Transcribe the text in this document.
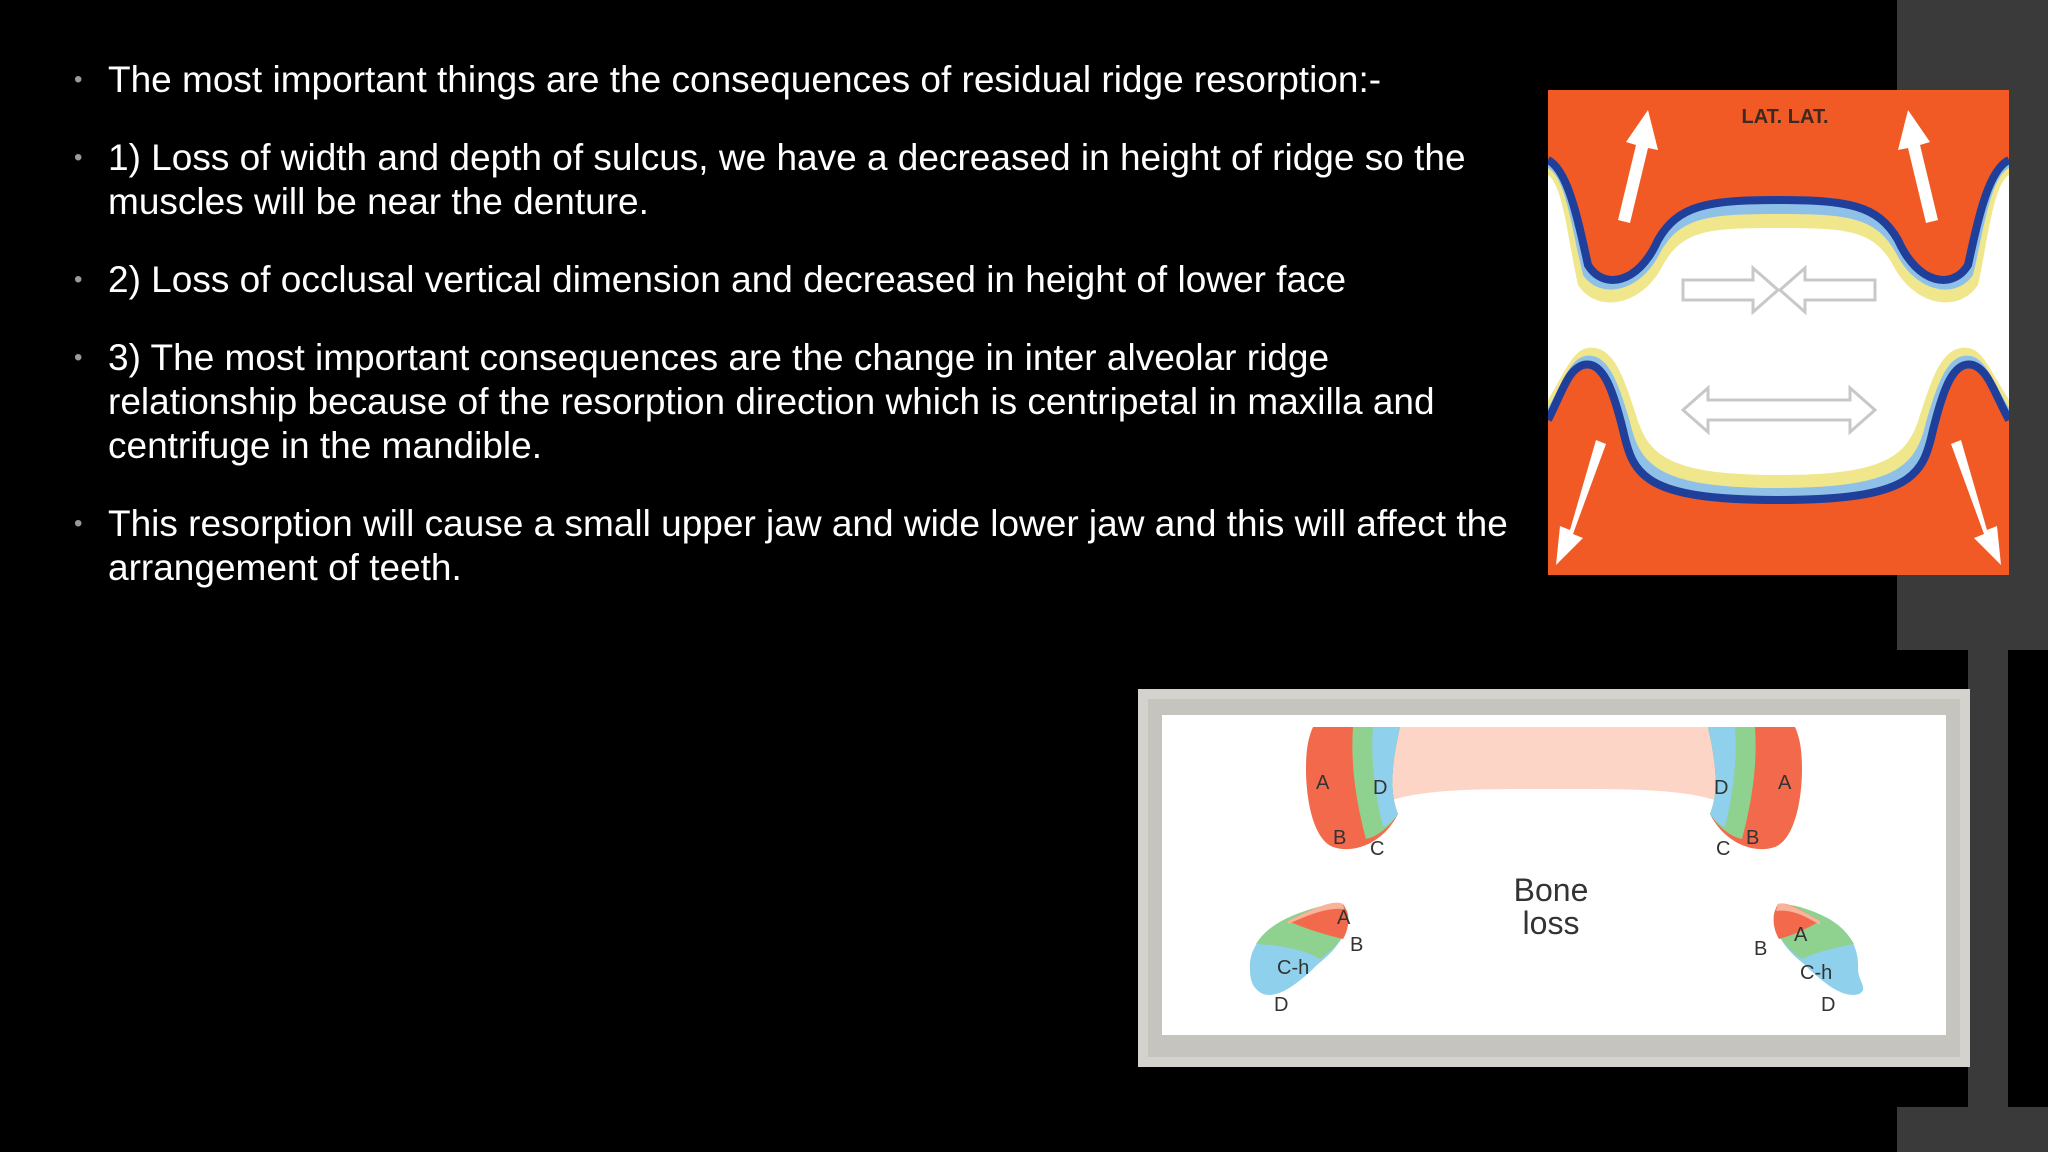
• The most important things are the consequences of residual ridge resorption:-
• 1) Loss of width and depth of sulcus, we have a decreased in height of ridge so the muscles will be near the denture.
• 2) Loss of occlusal vertical dimension and decreased in height of lower face
• 3) The most important consequences are the change in inter alveolar ridge relationship because of the resorption direction which is centripetal in maxilla and centrifuge in the mandible.
• This resorption will cause a small upper jaw and wide lower jaw and this will affect the arrangement of teeth.
LAT. LAT.
A
B C
D	A
B
C
D
A
B
C-h
D
A
B
C-h
D
Bone
loss
